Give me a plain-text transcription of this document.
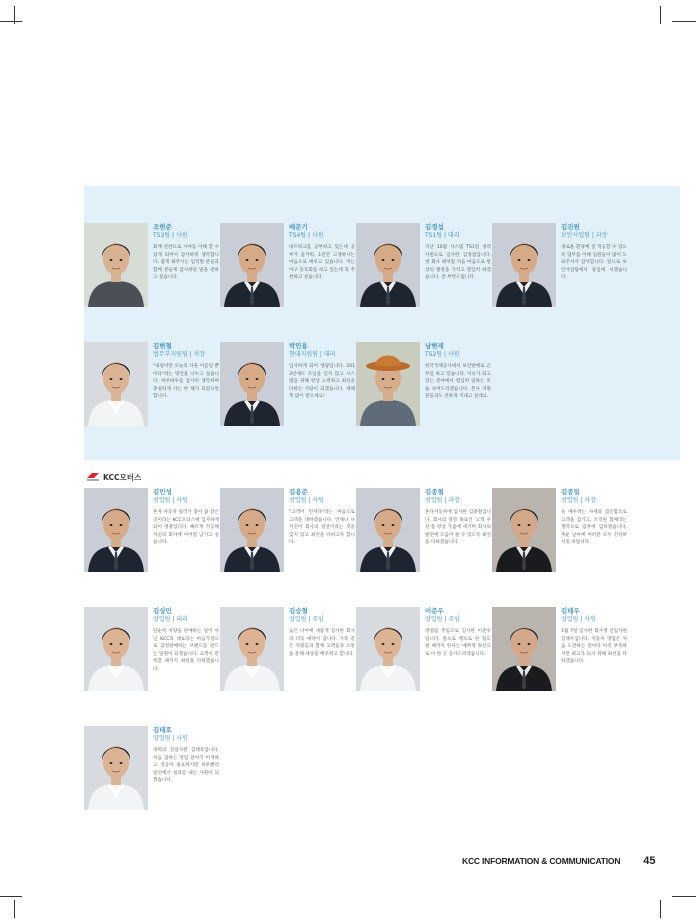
KCC모터스
KCC INFORMATION & COMMUNICATION 45
조현준
TS3팀 | 사원
회계 전반으로 시야를 이해 할 수 있게 되어서 감사하게 생각합니다. 좋게 봐주시는 임직원 분들과 함께 분들께 감사하단 말을 전하고 싶습니다.
배문기
TS4팀 | 사원
네트워크를 공부하고 있는데 공부가 즐거워, 1년간 고생하시는 마음으로 배우고 있습니다. 저는 아구 동호회를 하고 있는데 꼭 추천하고 싶습니다.
김정섭
TS1팀 | 대리
지난 10월 시스템 TS1팀 경력 사원으로 입사한 김정섭입니다. 첫 회사 때처럼 처음 마음으로 항상의 열정을 가지고 열심히 하겠습니다. 잘 부탁드립니다.
김진원
보안사업팀 | 과장
새로운 환경에 잘 적응할 수 있도록 업무를 이해 임원들이 많이 도와주셔서 감사합니다. 앞으로 보안사업팀에서 중심에 서겠습니다.
김현철
법무부지원팀 | 차장
"내일이란 오늘의 다른 이름일 뿐이다"라는 명언을 나누고 싶습니다. 하루하루를 감사히 생각하며 충실하게 사는 한 해가 되었으면 합니다.
박민용
현대지원팀 | 대리
입사하게 되어 영광입니다. 2013년에도 조심을 잊지 않고 시스템을 위해 항상 노력하고 최선을 다하는 사람이 되겠습니다. 새해 복 많이 받으세요!
남현재
TS2팀 | 사원
한국국제공사에서 보안판매로 근무를 하고 있습니다. 이슈가 되고 있는 분야에서 열심히 일하는 모습 보여드리겠습니다. 본사 지원분들과도 친하게 지내고 싶네요.
김민성
영업팀 | 사원
혼자 자동차 딜러가 좋아 꿈 같은 곳이라는 KCC모터스에 입사하게 되어 영광입니다. 빠르게 적응해 자신의 회사에 이어질 남기고 싶습니다.
김용준
영업팀 | 사원
"고객이 먼저다"라는 마음으로 고객을 대하겠습니다. 언제나 나 자신이 회사의 얼굴이라는 것을 잊지 않고 최선을 다하고자 합니다.
김종철
영업팀 | 과장
혼다자동차에 입사한 김종철입니다. 회사의 경영 목표인 '고객 우선'을 항상 가슴에 새기며 회사의 발전에 도움이 될 수 있도록 최선을 다하겠습니다.
김종일
영업팀 | 차장
늘 배우려는 자세와 겸손함으로 고객을 섬기고, 조직원 함께라는 생각으로 업무에 임하겠습니다. 추운 날씨에 여러분 모두 건강하시길 바랍니다.
김상민
영업팀 | 대리
단순히 차량을 판매하는 일이 아닌 KCC의 대표라는 마음가짐으로 감성판매하는 브랜드를 만드는 일원이 되겠습니다. 고객이 만족할 때까지 최선을 다하겠습니다.
김승철
영업팀 | 주임
늦은 나이에 새롭게 입사한 회사라 더욱 애착이 갑니다. 가족 같은 직원들과 함께 고객들과 소통을 통해 세상을 배우려고 합니다.
이준우
영업팀 | 주임
영업팀 주임으로 입사한 이준우입니다. 앞으로 행으로 한 팀도 될 때까지 한다는 예쁘게 정신으로 이 한 곳 공사드리겠습니다.
김태우
영업팀 | 사원
1월 7일 입사한 회사생 신입사원 김태우입니다. 지동차 영업은 처음 도전하는 분야라 아직 부족하지만 최고가 되기 위해 최선을 다하겠습니다.
김태호
영업팀 | 사원
경력의 신입사원 김태호입니다. 처음 접하는 영업 분야가 어색하고 적응이 필요하지만 하루빨리 일선에서 성과를 내는 사원이 되겠습니다.
